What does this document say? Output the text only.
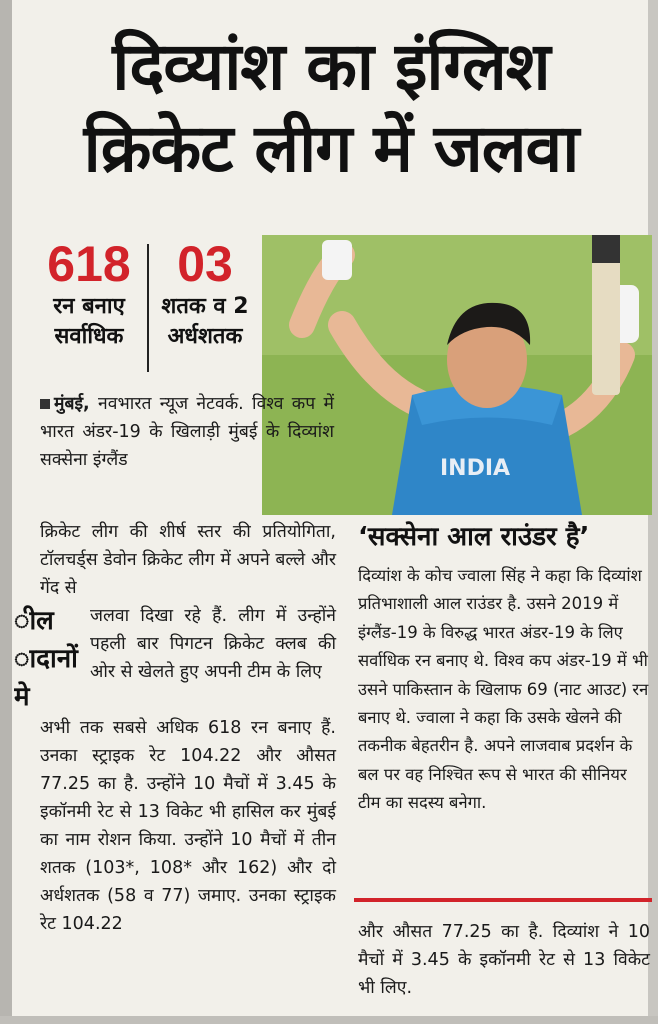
दिव्यांश का इंग्लिश
क्रिकेट लीग में जलवा
618
रन बनाए
सर्वाधिक
03
शतक व 2
अर्धशतक
INDIA
मुंबई, नवभारत न्यूज नेटवर्क. विश्व कप में भारत अंडर-19 के खिलाड़ी मुंबई के दिव्यांश सक्सेना इंग्लैंड
क्रिकेट लीग की शीर्ष स्तर की प्रतियोगिता, टॉलचर्ड्स डेवोन क्रिकेट लीग में अपने बल्ले और गेंद से
ील
ादानों
मे
जलवा दिखा रहे हैं. लीग में उन्होंने पहली बार पिगटन क्रिकेट क्लब की ओर से खेलते हुए अपनी टीम के लिए
अभी तक सबसे अधिक 618 रन बनाए हैं. उनका स्ट्राइक रेट 104.22 और औसत 77.25 का है. उन्होंने 10 मैचों में 3.45 के इकॉनमी रेट से 13 विकेट भी हासिल कर मुंबई का नाम रोशन किया. उन्होंने 10 मैचों में तीन शतक (103*, 108* और 162) और दो अर्धशतक (58 व 77) जमाए. उनका स्ट्राइक रेट 104.22
‘सक्सेना आल राउंडर है’
दिव्यांश के कोच ज्वाला सिंह ने कहा कि दिव्यांश प्रतिभाशाली आल राउंडर है. उसने 2019 में इंग्लैंड-19 के विरुद्ध भारत अंडर-19 के लिए सर्वाधिक रन बनाए थे. विश्व कप अंडर-19 में भी उसने पाकिस्तान के खिलाफ 69 (नाट आउट) रन बनाए थे. ज्वाला ने कहा कि उसके खेलने की तकनीक बेहतरीन है. अपने लाजवाब प्रदर्शन के बल पर वह निश्चित रूप से भारत की सीनियर टीम का सदस्य बनेगा.
और औसत 77.25 का है. दिव्यांश ने 10 मैचों में 3.45 के इकॉनमी रेट से 13 विकेट भी लिए.
